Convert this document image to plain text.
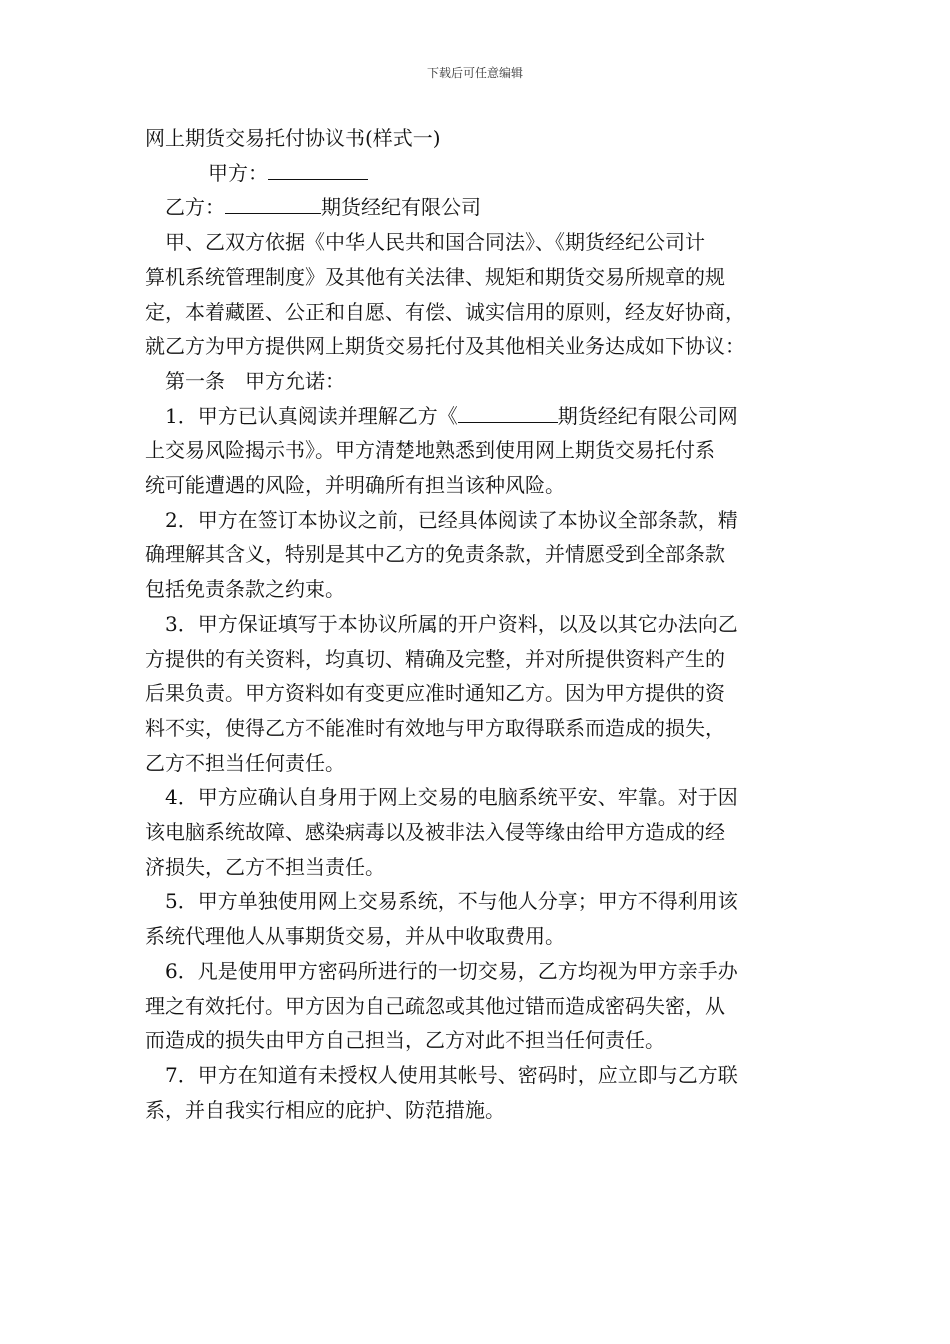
下载后可任意编辑
网上期货交易托付协议书(样式一)
甲方：
乙方：	期货经纪有限公司
甲、乙双方依据《中华人民共和国合同法》、《期货经纪公司计
算机系统管理制度》及其他有关法律、规矩和期货交易所规章的规
定，本着藏匿、公正和自愿、有偿、诚实信用的原则，经友好协商，
就乙方为甲方提供网上期货交易托付及其他相关业务达成如下协议：
第一条　甲方允诺：
1．甲方已认真阅读并理解乙方《	期货经纪有限公司网
上交易风险揭示书》。甲方清楚地熟悉到使用网上期货交易托付系
统可能遭遇的风险，并明确所有担当该种风险。
2．甲方在签订本协议之前，已经具体阅读了本协议全部条款，精
确理解其含义，特别是其中乙方的免责条款，并情愿受到全部条款
包括免责条款之约束。
3．甲方保证填写于本协议所属的开户资料，以及以其它办法向乙
方提供的有关资料，均真切、精确及完整，并对所提供资料产生的
后果负责。甲方资料如有变更应准时通知乙方。因为甲方提供的资
料不实，使得乙方不能准时有效地与甲方取得联系而造成的损失，
乙方不担当任何责任。
4．甲方应确认自身用于网上交易的电脑系统平安、牢靠。对于因
该电脑系统故障、感染病毒以及被非法入侵等缘由给甲方造成的经
济损失，乙方不担当责任。
5．甲方单独使用网上交易系统，不与他人分享；甲方不得利用该
系统代理他人从事期货交易，并从中收取费用。
6．凡是使用甲方密码所进行的一切交易，乙方均视为甲方亲手办
理之有效托付。甲方因为自己疏忽或其他过错而造成密码失密，从
而造成的损失由甲方自己担当，乙方对此不担当任何责任。
7．甲方在知道有未授权人使用其帐号、密码时，应立即与乙方联
系，并自我实行相应的庇护、防范措施。
